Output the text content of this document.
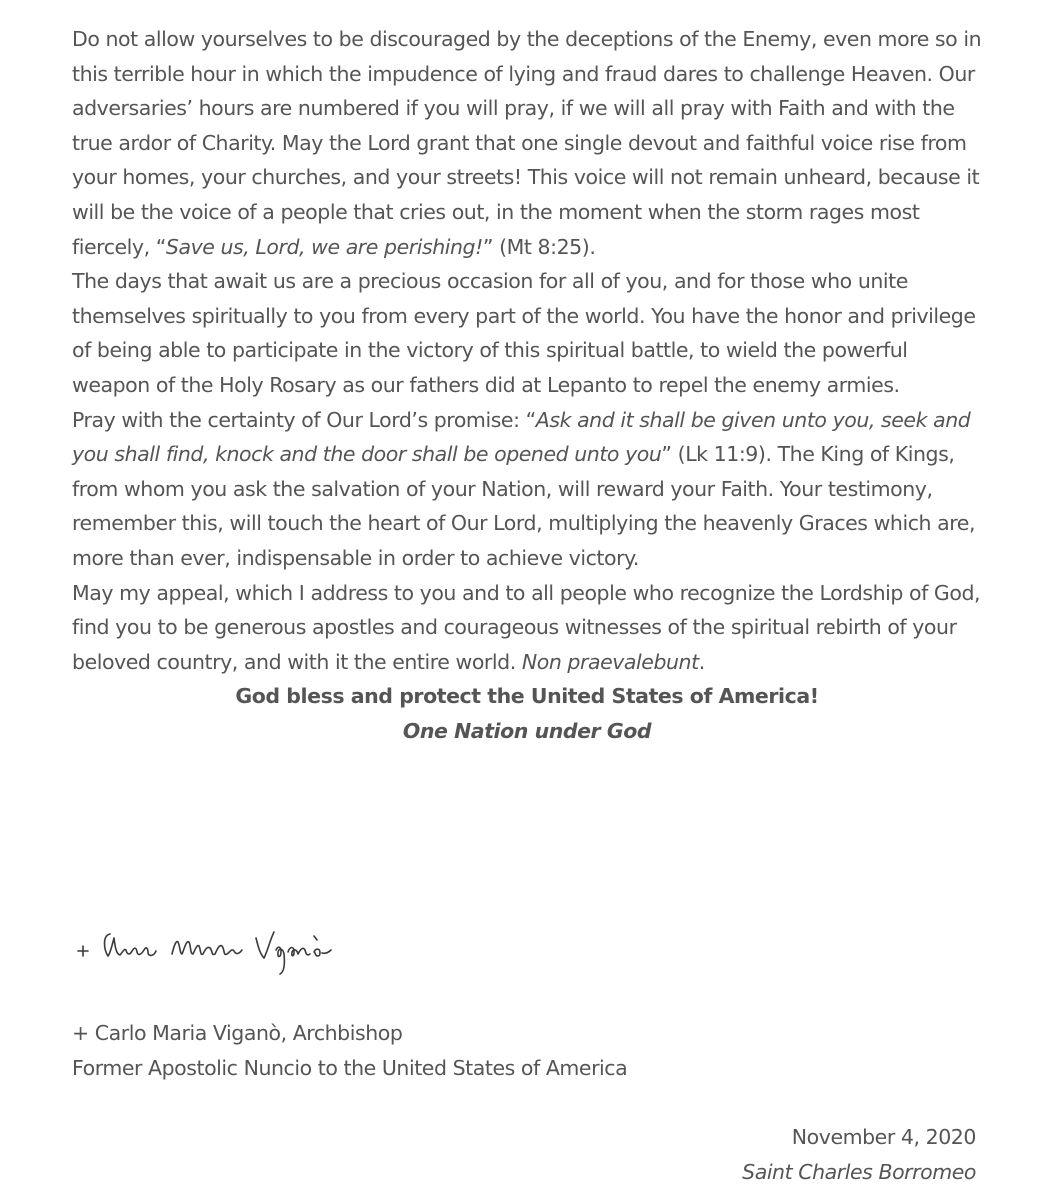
Do not allow yourselves to be discouraged by the deceptions of the Enemy, even more so in this terrible hour in which the impudence of lying and fraud dares to challenge Heaven. Our adversaries’ hours are numbered if you will pray, if we will all pray with Faith and with the true ardor of Charity. May the Lord grant that one single devout and faithful voice rise from your homes, your churches, and your streets! This voice will not remain unheard, because it will be the voice of a people that cries out, in the moment when the storm rages most fiercely, “Save us, Lord, we are perishing!” (Mt 8:25).

The days that await us are a precious occasion for all of you, and for those who unite themselves spiritually to you from every part of the world. You have the honor and privilege of being able to participate in the victory of this spiritual battle, to wield the powerful weapon of the Holy Rosary as our fathers did at Lepanto to repel the enemy armies.

Pray with the certainty of Our Lord’s promise: “Ask and it shall be given unto you, seek and you shall find, knock and the door shall be opened unto you” (Lk 11:9). The King of Kings, from whom you ask the salvation of your Nation, will reward your Faith. Your testimony, remember this, will touch the heart of Our Lord, multiplying the heavenly Graces which are, more than ever, indispensable in order to achieve victory.

May my appeal, which I address to you and to all people who recognize the Lordship of God, find you to be generous apostles and courageous witnesses of the spiritual rebirth of your beloved country, and with it the entire world. Non praevalebunt.

God bless and protect the United States of America!
One Nation under God
+ Carlo Maria Viganò, Archbishop
Former Apostolic Nuncio to the United States of America
November 4, 2020
Saint Charles Borromeo
